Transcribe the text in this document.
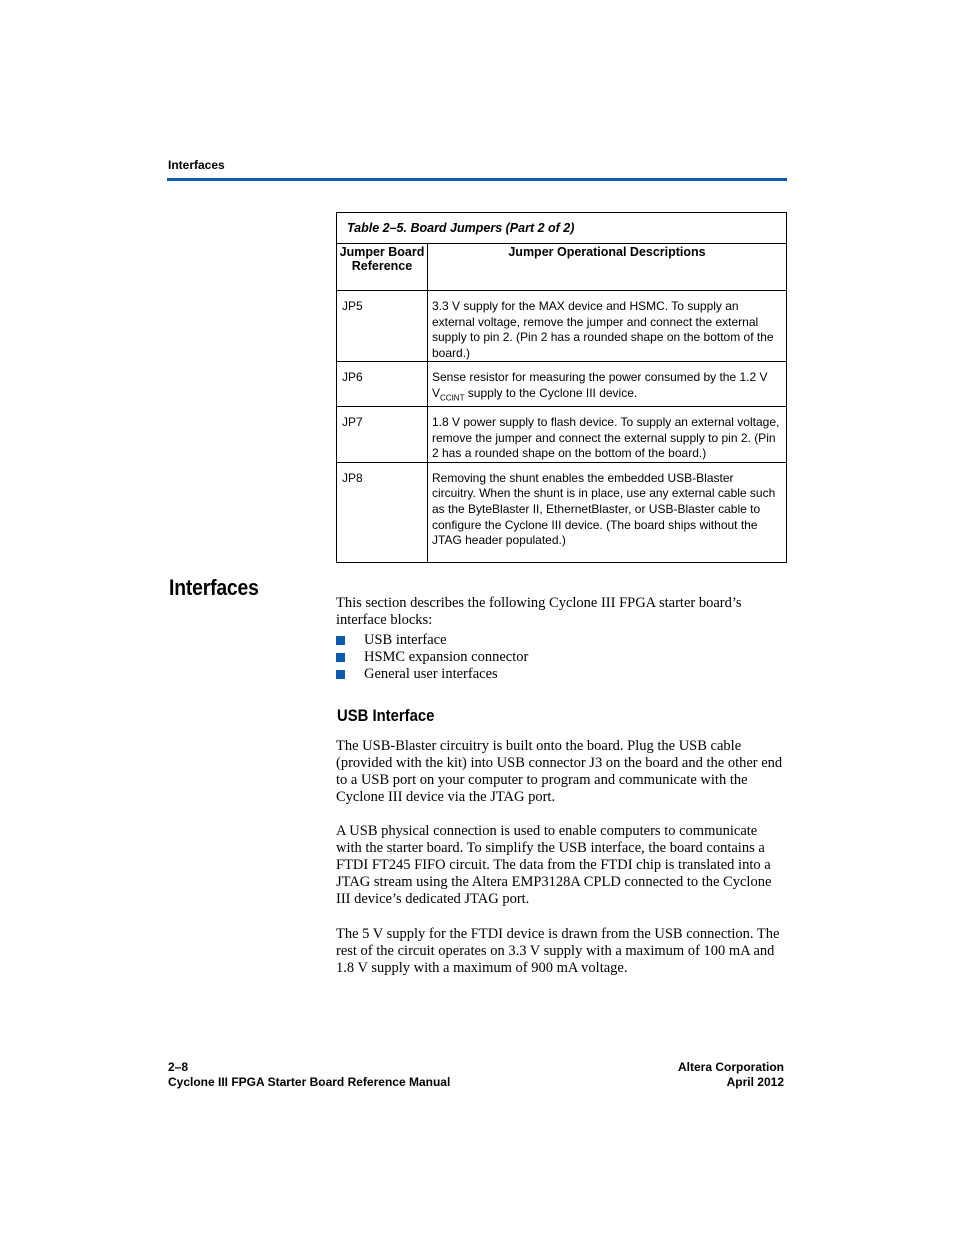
Interfaces
Table 2–5. Board Jumpers (Part 2 of 2)	
Jumper Board
Reference	Jumper Operational Descriptions
JP5	3.3 V supply for the MAX device and HSMC. To supply an external voltage, remove the jumper and connect the external supply to pin 2. (Pin 2 has a rounded shape on the bottom of the board.)
JP6	Sense resistor for measuring the power consumed by the 1.2 V $V_{CCINT}$ supply to the Cyclone III device.
JP7	1.8 V power supply to flash device. To supply an external voltage, remove the jumper and connect the external supply to pin 2. (Pin 2 has a rounded shape on the bottom of the board.)
JP8	Removing the shunt enables the embedded USB-Blaster circuitry. When the shunt is in place, use any external cable such as the ByteBlaster II, EthernetBlaster, or USB-Blaster cable to configure the Cyclone III device. (The board ships without the JTAG header populated.)
Interfaces

This section describes the following Cyclone III FPGA starter board’s interface blocks:

USB interface
HSMC expansion connector
General user interfaces
USB Interface

The USB-Blaster circuitry is built onto the board. Plug the USB cable (provided with the kit) into USB connector J3 on the board and the other end to a USB port on your computer to program and communicate with the Cyclone III device via the JTAG port.

A USB physical connection is used to enable computers to communicate with the starter board. To simplify the USB interface, the board contains a FTDI FT245 FIFO circuit. The data from the FTDI chip is translated into a JTAG stream using the Altera EMP3128A CPLD connected to the Cyclone III device’s dedicated JTAG port.

The 5 V supply for the FTDI device is drawn from the USB connection. The rest of the circuit operates on 3.3 V supply with a maximum of 100 mA and 1.8 V supply with a maximum of 900 mA voltage.

2–8
Cyclone III FPGA Starter Board Reference Manual
Altera Corporation
April 2012
